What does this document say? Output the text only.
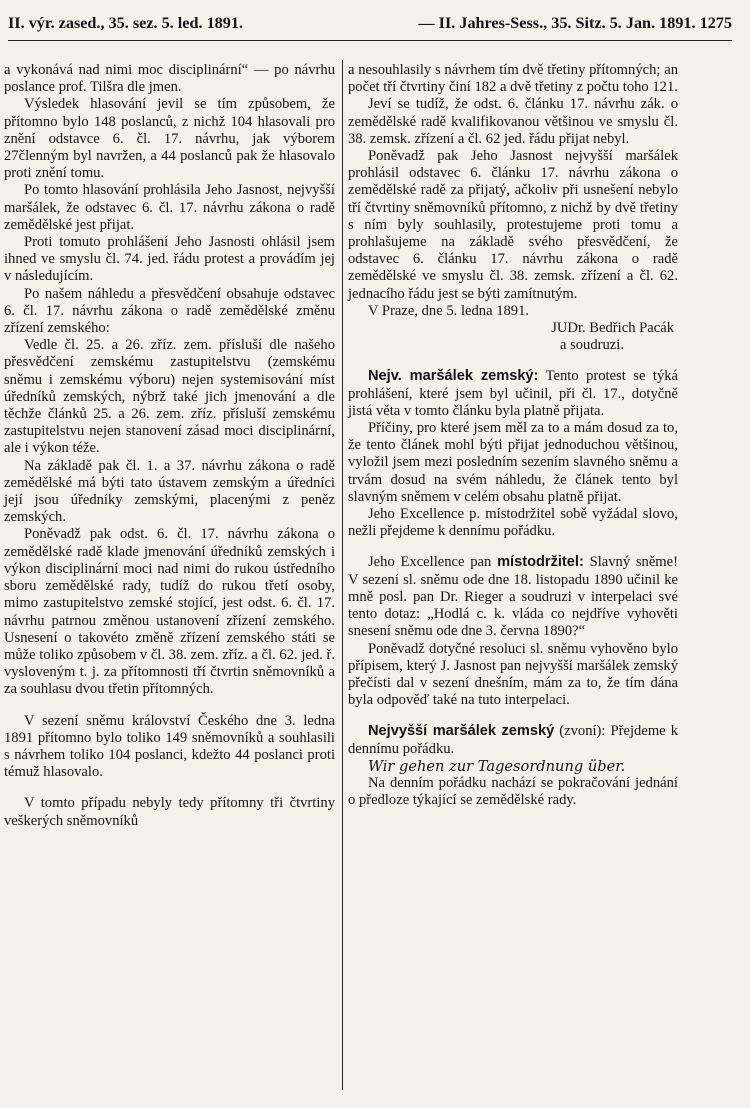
II. výr. zased., 35. sez. 5. led. 1891.	— II. Jahres-Sess., 35. Sitz. 5. Jan. 1891. 1275

a vykonává nad nimi moc disciplinární“ — po návrhu poslance prof. Tilšra dle jmen.

Výsledek hlasování jevil se tím způsobem, že přítomno bylo 148 poslanců, z nichž 104 hlasovali pro znění odstavce 6. čl. 17. návrhu, jak výborem 27členným byl navržen, a 44 poslanců pak že hlasovalo proti znění tomu.

Po tomto hlasování prohlásila Jeho Jasnost, nejvyšší maršálek, že odstavec 6. čl. 17. návrhu zákona o radě zemědělské jest přijat.

Proti tomuto prohlášení Jeho Jasnosti ohlásil jsem ihned ve smyslu čl. 74. jed. řádu protest a provádím jej v následujícím.

Po našem náhledu a přesvědčení obsahuje odstavec 6. čl. 17. návrhu zákona o radě zemědělské změnu zřízení zemského:

Vedle čl. 25. a 26. zříz. zem. přísluší dle našeho přesvědčení zemskému zastupitelstvu (zemskému sněmu i zemskému výboru) nejen systemisování míst úředníků zemských, nýbrž také jich jmenování a dle těchže článků 25. a 26. zem. zříz. přísluší zemskému zastupitelstvu nejen stanovení zásad moci disciplinární, ale i výkon téže.

Na základě pak čl. 1. a 37. návrhu zákona o radě zemědělské má býti tato ústavem zemským a úředníci její jsou úředníky zemskými, placenými z peněz zemských.

Poněvadž pak odst. 6. čl. 17. návrhu zákona o zemědělské radě klade jmenování úředníků zemských i výkon disciplinární moci nad nimi do rukou ústředního sboru zemědělské rady, tudíž do rukou třetí osoby, mimo zastupitelstvo zemské stojící, jest odst. 6. čl. 17. návrhu patrnou změnou ustanovení zřízení zemského. Usnesení o takovéto změně zřízení zemského státi se může toliko způsobem v čl. 38. zem. zříz. a čl. 62. jed. ř. vysloveným t. j. za přítomnosti tří čtvrtin sněmovníků a za souhlasu dvou třetin přítomných.

V sezení sněmu království Českého dne 3. ledna 1891 přítomno bylo toliko 149 sněmovníků a souhlasili s návrhem toliko 104 poslanci, kdežto 44 poslanci proti témuž hlasovalo.

V tomto případu nebyly tedy přítomny tři čtvrtiny veškerých sněmovníků

a nesouhlasily s návrhem tím dvě třetiny přítomných; an počet tří čtvrtiny činí 182 a dvě třetiny z počtu toho 121.

Jeví se tudíž, že odst. 6. článku 17. návrhu zák. o zemědělské radě kvalifikovanou většinou ve smyslu čl. 38. zemsk. zřízení a čl. 62 jed. řádu přijat nebyl.

Poněvadž pak Jeho Jasnost nejvyšší maršálek prohlásil odstavec 6. článku 17. návrhu zákona o zemědělské radě za přijatý, ačkoliv při usnešení nebylo tří čtvrtiny sněmovníků přítomno, z nichž by dvě třetiny s ním byly souhlasily, protestujeme proti tomu a prohlašujeme na základě svého přesvědčení, že odstavec 6. článku 17. návrhu zákona o radě zemědělské ve smyslu čl. 38. zemsk. zřízení a čl. 62. jednacího řádu jest se býti zamítnutým.

V Praze, dne 5. ledna 1891.

JUDr. Bedřich Pacák

a soudruzi.

Nejv. maršálek zemský: Tento protest se týká prohlášení, které jsem byl učinil, při čl. 17., dotyčně jistá věta v tomto článku byla platně přijata.

Příčiny, pro které jsem měl za to a mám dosud za to, že tento článek mohl býti přijat jednoduchou většinou, vyložil jsem mezi posledním sezením slavného sněmu a trvám dosud na svém náhledu, že článek tento byl slavným sněmem v celém obsahu platně přijat.

Jeho Excellence p. místodržitel sobě vyžádal slovo, nežli přejdeme k dennímu pořádku.

Jeho Excellence pan místodržitel: Slavný sněme! V sezení sl. sněmu ode dne 18. listopadu 1890 učinil ke mně posl. pan Dr. Rieger a soudruzi v interpelaci své tento dotaz: „Hodlá c. k. vláda co nejdříve vyhověti snesení sněmu ode dne 3. června 1890?“

Poněvadž dotyčné resoluci sl. sněmu vyhověno bylo přípisem, který J. Jasnost pan nejvyšší maršálek zemský přečísti dal v sezení dnešním, mám za to, že tím dána byla odpověď také na tuto interpelaci.

Nejvyšší maršálek zemský (zvoní): Přejdeme k dennímu pořádku.

Wir gehen zur Tagesordnung über.

Na denním pořádku nachází se pokračování jednání o předloze týkající se zemědělské rady.
